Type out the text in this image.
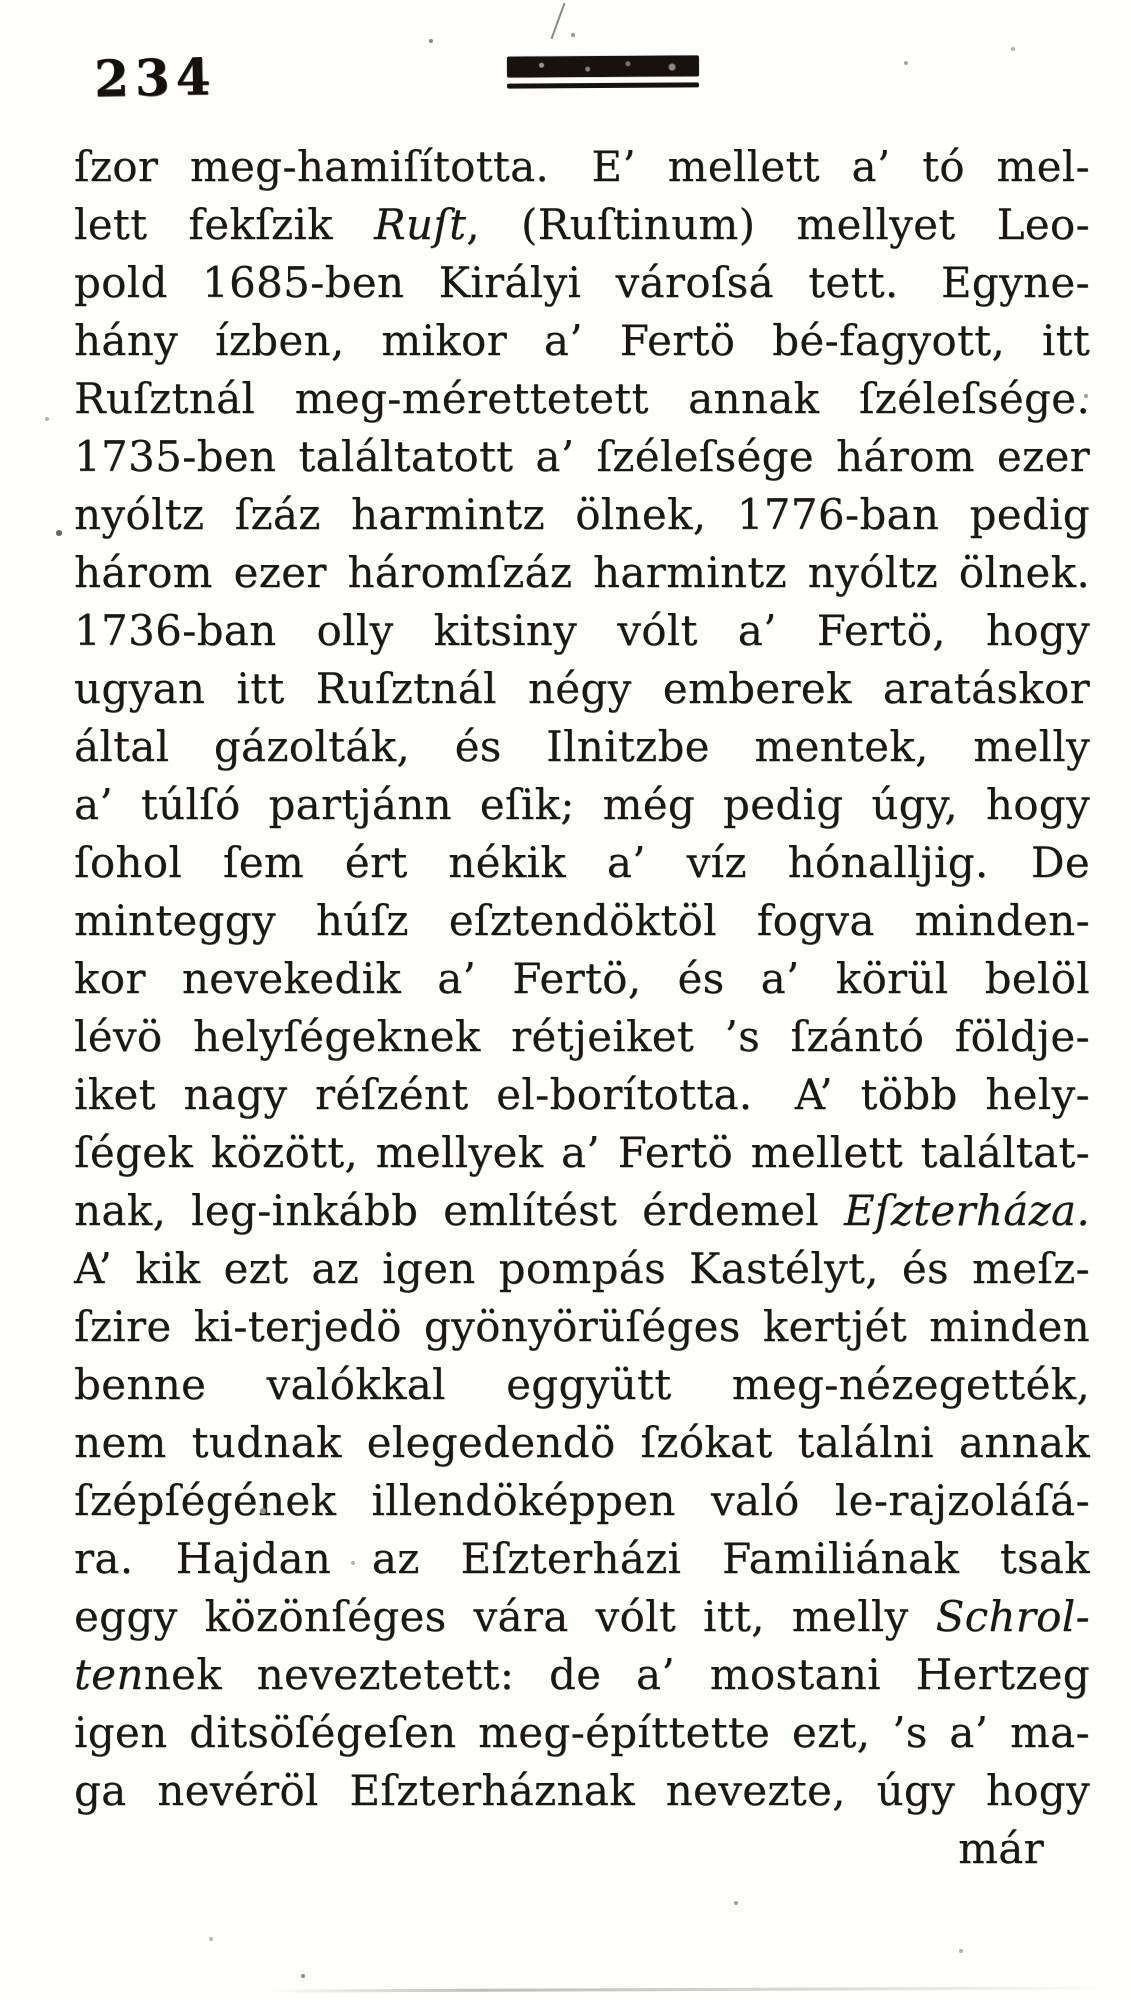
234
ſzor meg-hamiſította. E’ mellett a’ tó mel-
lett fekſzik Ruſt, (Ruſtinum) mellyet Leo-
pold 1685-ben Királyi vároſsá tett. Egyne-
hány ízben, mikor a’ Fertö bé-fagyott, itt
Ruſztnál meg-mérettetett annak ſzéleſsége.
1735-ben találtatott a’ ſzéleſsége három ezer
nyóltz ſzáz harmintz ölnek, 1776-ban pedig
három ezer háromſzáz harmintz nyóltz ölnek.
1736-ban olly kitsiny vólt a’ Fertö, hogy
ugyan itt Ruſztnál négy emberek aratáskor
által gázolták, és Ilnitzbe mentek, melly
a’ túlſó partjánn eſik; még pedig úgy, hogy
ſohol ſem ért nékik a’ víz hónalljig. De
minteggy húſz eſztendöktöl fogva minden-
kor nevekedik a’ Fertö, és a’ körül belöl
lévö helyſégeknek rétjeiket ’s ſzántó földje-
iket nagy réſzént el-borította. A’ több hely-
ſégek között, mellyek a’ Fertö mellett találtat-
nak, leg-inkább említést érdemel Eſzterháza.
A’ kik ezt az igen pompás Kastélyt, és meſz-
ſzire ki-terjedö gyönyörüſéges kertjét minden
benne valókkal eggyütt meg-nézegették,
nem tudnak elegedendö ſzókat találni annak
ſzépſégének illendöképpen való le-rajzoláſá-
ra. Hajdan az Eſzterházi Familiának tsak
eggy közönſéges vára vólt itt, melly Schrol-
tennek neveztetett: de a’ mostani Hertzeg
igen ditsöſégeſen meg-építtette ezt, ’s a’ ma-
ga nevéröl Eſzterháznak nevezte, úgy hogy
már
